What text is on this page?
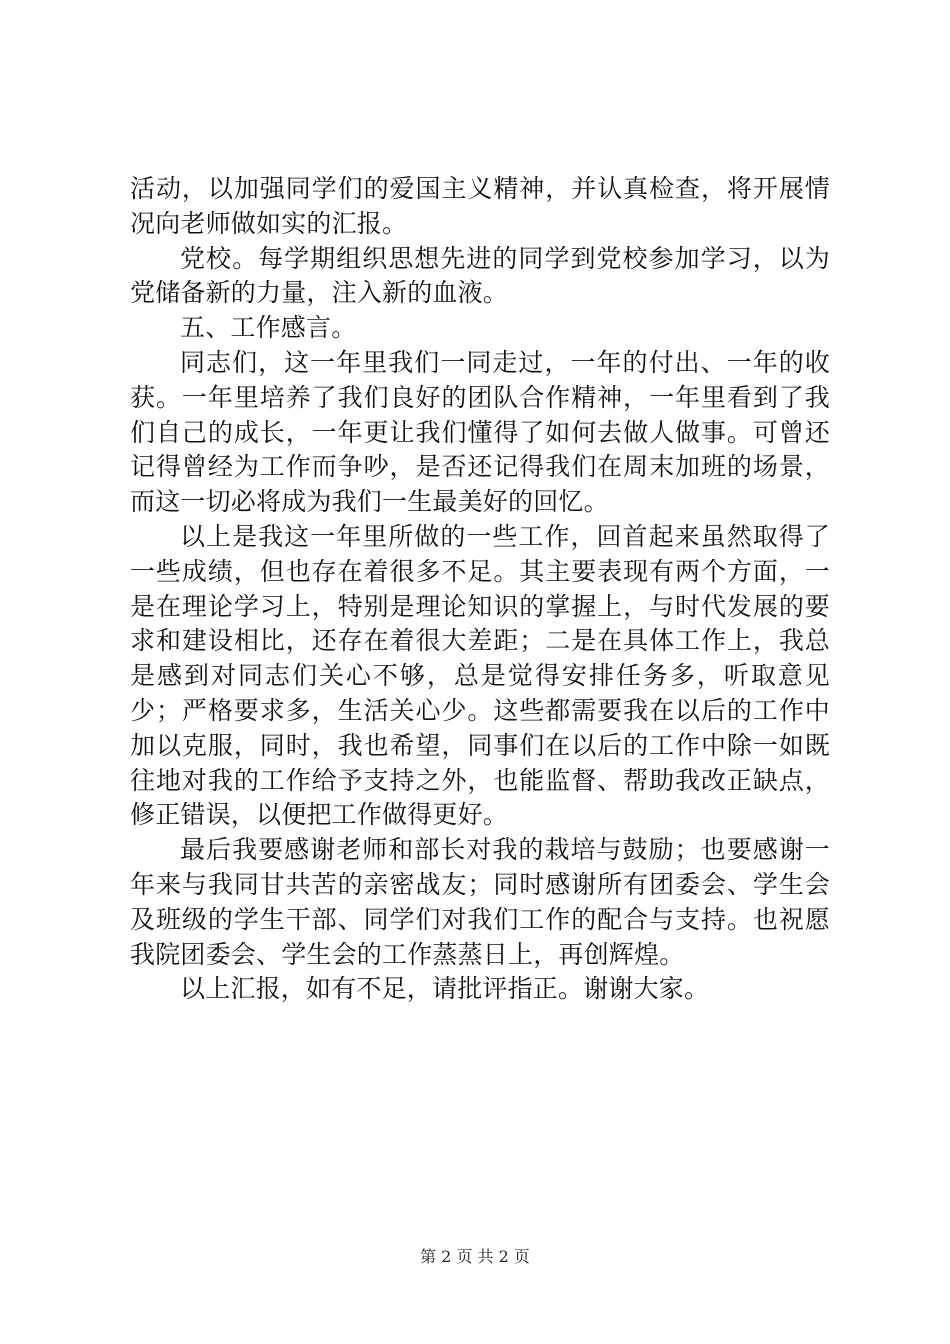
活动，以加强同学们的爱国主义精神，并认真检查，将开展情况向老师做如实的汇报。

党校。每学期组织思想先进的同学到党校参加学习，以为党储备新的力量，注入新的血液。

五、工作感言。

同志们，这一年里我们一同走过，一年的付出、一年的收获。一年里培养了我们良好的团队合作精神，一年里看到了我们自己的成长，一年更让我们懂得了如何去做人做事。可曾还记得曾经为工作而争吵，是否还记得我们在周末加班的场景，而这一切必将成为我们一生最美好的回忆。

以上是我这一年里所做的一些工作，回首起来虽然取得了一些成绩，但也存在着很多不足。其主要表现有两个方面，一是在理论学习上，特别是理论知识的掌握上，与时代发展的要求和建设相比，还存在着很大差距；二是在具体工作上，我总是感到对同志们关心不够，总是觉得安排任务多，听取意见少；严格要求多，生活关心少。这些都需要我在以后的工作中加以克服，同时，我也希望，同事们在以后的工作中除一如既往地对我的工作给予支持之外，也能监督、帮助我改正缺点，修正错误，以便把工作做得更好。

最后我要感谢老师和部长对我的栽培与鼓励；也要感谢一年来与我同甘共苦的亲密战友；同时感谢所有团委会、学生会及班级的学生干部、同学们对我们工作的配合与支持。也祝愿我院团委会、学生会的工作蒸蒸日上，再创辉煌。

以上汇报，如有不足，请批评指正。谢谢大家。

第 2 页 共 2 页
